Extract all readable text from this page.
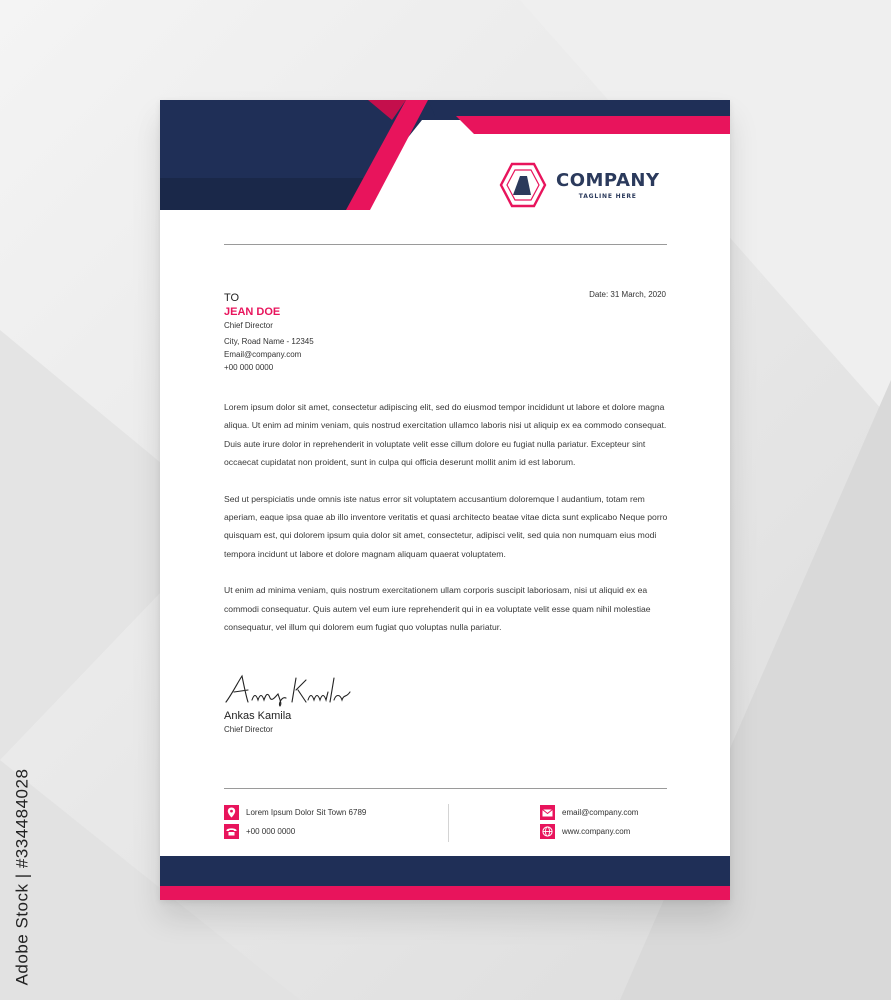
Adobe Stock | #334484028
COMPANY
TAGLINE HERE
TO
JEAN DOE
Chief Director
City, Road Name - 12345
Email@company.com
+00 000 0000
Date: 31 March, 2020

Lorem ipsum dolor sit amet, consectetur adipiscing elit, sed do eiusmod tempor incididunt ut labore et dolore magna aliqua. Ut enim ad minim veniam, quis nostrud exercitation ullamco laboris nisi ut aliquip ex ea commodo consequat. Duis aute irure dolor in reprehenderit in voluptate velit esse cillum dolore eu fugiat nulla pariatur. Excepteur sint occaecat cupidatat non proident, sunt in culpa qui officia deserunt mollit anim id est laborum.

Sed ut perspiciatis unde omnis iste natus error sit voluptatem accusantium doloremque l audantium, totam rem aperiam, eaque ipsa quae ab illo inventore veritatis et quasi architecto beatae vitae dicta sunt explicabo Neque porro quisquam est, qui dolorem ipsum quia dolor sit amet, consectetur, adipisci velit, sed quia non numquam eius modi tempora incidunt ut labore et dolore magnam aliquam quaerat voluptatem.

Ut enim ad minima veniam, quis nostrum exercitationem ullam corporis suscipit laboriosam, nisi ut aliquid ex ea commodi consequatur. Quis autem vel eum iure reprehenderit qui in ea voluptate velit esse quam nihil molestiae consequatur, vel illum qui dolorem eum fugiat quo voluptas nulla pariatur.

Ankas Kamila
Chief Director
Lorem Ipsum Dolor Sit Town 6789
+00 000 0000
email@company.com
www.company.com
